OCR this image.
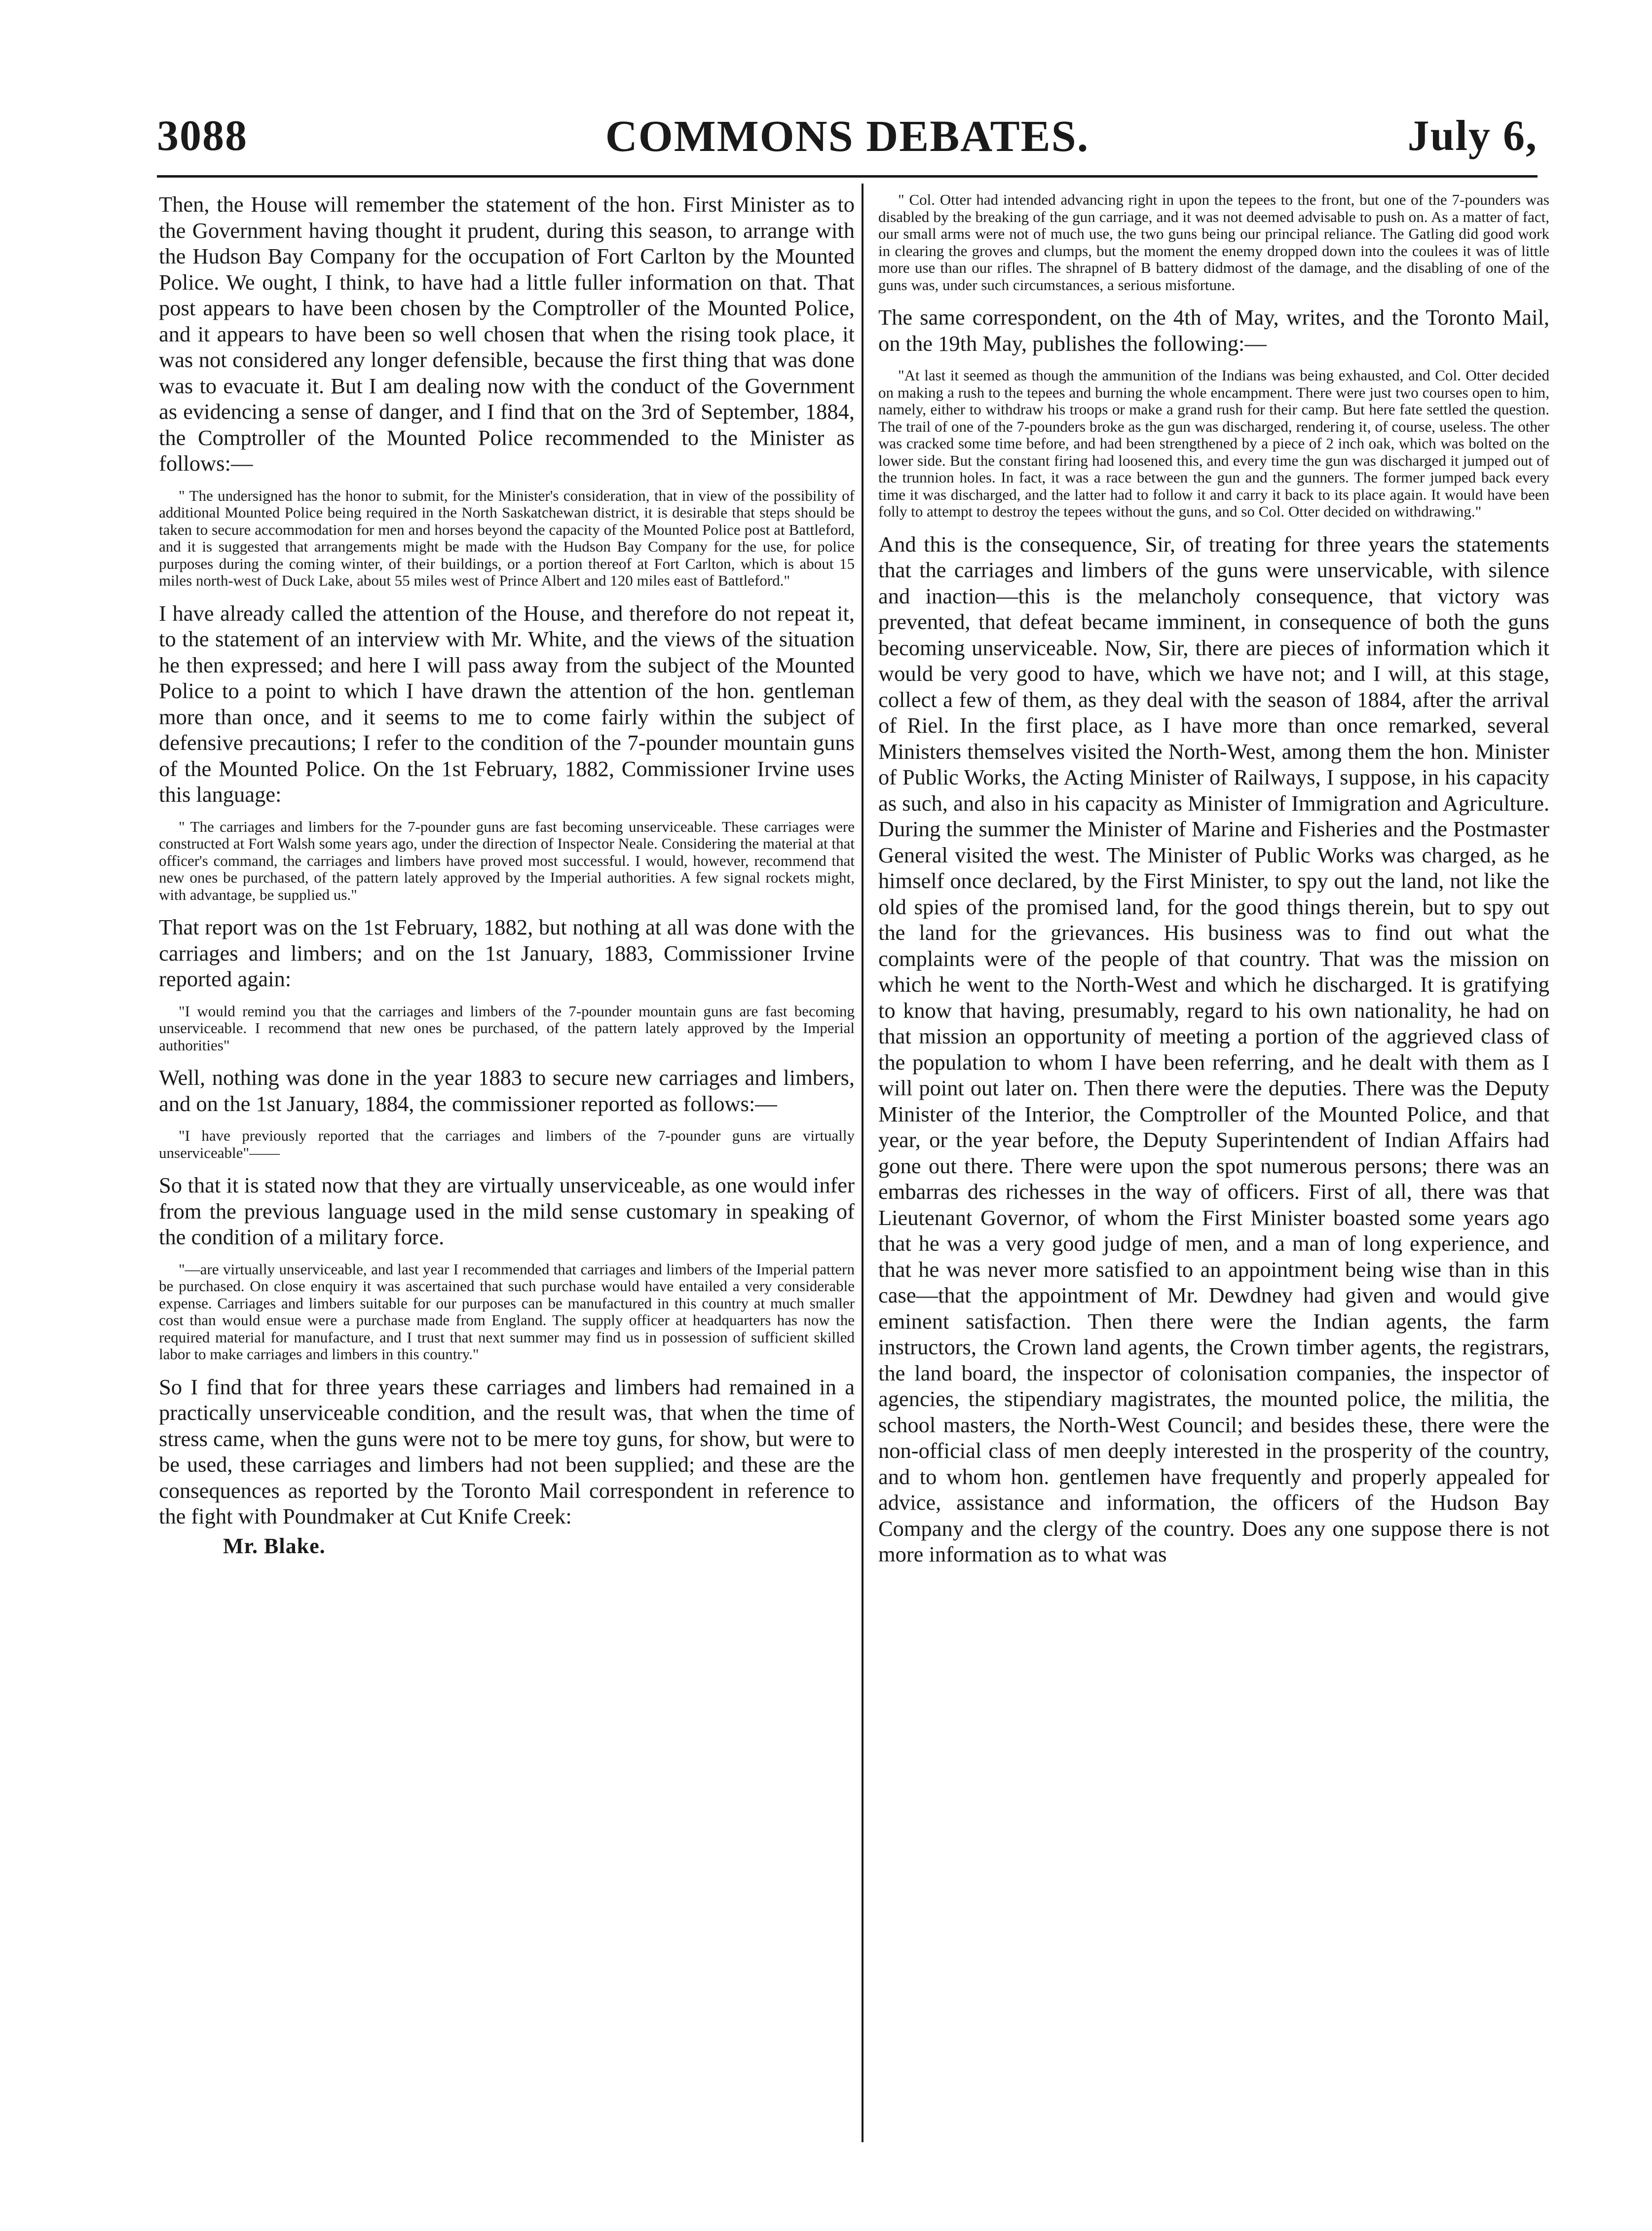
3088	COMMONS DEBATES.	July 6,

Then, the House will remember the statement of the hon. First Minister as to the Government having thought it prudent, during this season, to arrange with the Hudson Bay Company for the occupation of Fort Carlton by the Mounted Police. We ought, I think, to have had a little fuller information on that. That post appears to have been chosen by the Comptroller of the Mounted Police, and it appears to have been so well chosen that when the rising took place, it was not considered any longer defensible, because the first thing that was done was to evacuate it. But I am dealing now with the conduct of the Government as evidencing a sense of danger, and I find that on the 3rd of September, 1884, the Comptroller of the Mounted Police recommended to the Minister as follows:—

" The undersigned has the honor to submit, for the Minister's consideration, that in view of the possibility of additional Mounted Police being required in the North Saskatchewan district, it is desirable that steps should be taken to secure accommodation for men and horses beyond the capacity of the Mounted Police post at Battleford, and it is suggested that arrangements might be made with the Hudson Bay Company for the use, for police purposes during the coming winter, of their buildings, or a portion thereof at Fort Carlton, which is about 15 miles north-west of Duck Lake, about 55 miles west of Prince Albert and 120 miles east of Battleford."

I have already called the attention of the House, and therefore do not repeat it, to the statement of an interview with Mr. White, and the views of the situation he then expressed; and here I will pass away from the subject of the Mounted Police to a point to which I have drawn the attention of the hon. gentleman more than once, and it seems to me to come fairly within the subject of defensive precautions; I refer to the condition of the 7-pounder mountain guns of the Mounted Police. On the 1st February, 1882, Commissioner Irvine uses this language:

" The carriages and limbers for the 7-pounder guns are fast becoming unserviceable. These carriages were constructed at Fort Walsh some years ago, under the direction of Inspector Neale. Considering the material at that officer's command, the carriages and limbers have proved most successful. I would, however, recommend that new ones be purchased, of the pattern lately approved by the Imperial authorities. A few signal rockets might, with advantage, be supplied us."

That report was on the 1st February, 1882, but nothing at all was done with the carriages and limbers; and on the 1st January, 1883, Commissioner Irvine reported again:

"I would remind you that the carriages and limbers of the 7-pounder mountain guns are fast becoming unserviceable. I recommend that new ones be purchased, of the pattern lately approved by the Imperial authorities"

Well, nothing was done in the year 1883 to secure new carriages and limbers, and on the 1st January, 1884, the commissioner reported as follows:—

"I have previously reported that the carriages and limbers of the 7-pounder guns are virtually unserviceable"——

So that it is stated now that they are virtually unserviceable, as one would infer from the previous language used in the mild sense customary in speaking of the condition of a military force.

"—are virtually unserviceable, and last year I recommended that carriages and limbers of the Imperial pattern be purchased. On close enquiry it was ascertained that such purchase would have entailed a very considerable expense. Carriages and limbers suitable for our purposes can be manufactured in this country at much smaller cost than would ensue were a purchase made from England. The supply officer at headquarters has now the required material for manufacture, and I trust that next summer may find us in possession of sufficient skilled labor to make carriages and limbers in this country."

So I find that for three years these carriages and limbers had remained in a practically unserviceable condition, and the result was, that when the time of stress came, when the guns were not to be mere toy guns, for show, but were to be used, these carriages and limbers had not been supplied; and these are the consequences as reported by the Toronto Mail correspondent in reference to the fight with Poundmaker at Cut Knife Creek:

Mr. Blake.

" Col. Otter had intended advancing right in upon the tepees to the front, but one of the 7-pounders was disabled by the breaking of the gun carriage, and it was not deemed advisable to push on. As a matter of fact, our small arms were not of much use, the two guns being our principal reliance. The Gatling did good work in clearing the groves and clumps, but the moment the enemy dropped down into the coulees it was of little more use than our rifles. The shrapnel of B battery didmost of the damage, and the disabling of one of the guns was, under such circumstances, a serious misfortune.

The same correspondent, on the 4th of May, writes, and the Toronto Mail, on the 19th May, publishes the following:—

"At last it seemed as though the ammunition of the Indians was being exhausted, and Col. Otter decided on making a rush to the tepees and burning the whole encampment. There were just two courses open to him, namely, either to withdraw his troops or make a grand rush for their camp. But here fate settled the question. The trail of one of the 7-pounders broke as the gun was discharged, rendering it, of course, useless. The other was cracked some time before, and had been strengthened by a piece of 2 inch oak, which was bolted on the lower side. But the constant firing had loosened this, and every time the gun was discharged it jumped out of the trunnion holes. In fact, it was a race between the gun and the gunners. The former jumped back every time it was discharged, and the latter had to follow it and carry it back to its place again. It would have been folly to attempt to destroy the tepees without the guns, and so Col. Otter decided on withdrawing."

And this is the consequence, Sir, of treating for three years the statements that the carriages and limbers of the guns were unservicable, with silence and inaction—this is the melancholy consequence, that victory was prevented, that defeat became imminent, in consequence of both the guns becoming unserviceable. Now, Sir, there are pieces of information which it would be very good to have, which we have not; and I will, at this stage, collect a few of them, as they deal with the season of 1884, after the arrival of Riel. In the first place, as I have more than once remarked, several Ministers themselves visited the North-West, among them the hon. Minister of Public Works, the Acting Minister of Railways, I suppose, in his capacity as such, and also in his capacity as Minister of Immigration and Agriculture. During the summer the Minister of Marine and Fisheries and the Postmaster General visited the west. The Minister of Public Works was charged, as he himself once declared, by the First Minister, to spy out the land, not like the old spies of the promised land, for the good things therein, but to spy out the land for the grievances. His business was to find out what the complaints were of the people of that country. That was the mission on which he went to the North-West and which he discharged. It is gratifying to know that having, presumably, regard to his own nationality, he had on that mission an opportunity of meeting a portion of the aggrieved class of the population to whom I have been referring, and he dealt with them as I will point out later on. Then there were the deputies. There was the Deputy Minister of the Interior, the Comptroller of the Mounted Police, and that year, or the year before, the Deputy Superintendent of Indian Affairs had gone out there. There were upon the spot numerous persons; there was an embarras des richesses in the way of officers. First of all, there was that Lieutenant Governor, of whom the First Minister boasted some years ago that he was a very good judge of men, and a man of long experience, and that he was never more satisfied to an appointment being wise than in this case—that the appointment of Mr. Dewdney had given and would give eminent satisfaction. Then there were the Indian agents, the farm instructors, the Crown land agents, the Crown timber agents, the registrars, the land board, the inspector of colonisation companies, the inspector of agencies, the stipendiary magistrates, the mounted police, the militia, the school masters, the North-West Council; and besides these, there were the non-official class of men deeply interested in the prosperity of the country, and to whom hon. gentlemen have frequently and properly appealed for advice, assistance and information, the officers of the Hudson Bay Company and the clergy of the country. Does any one suppose there is not more information as to what was
